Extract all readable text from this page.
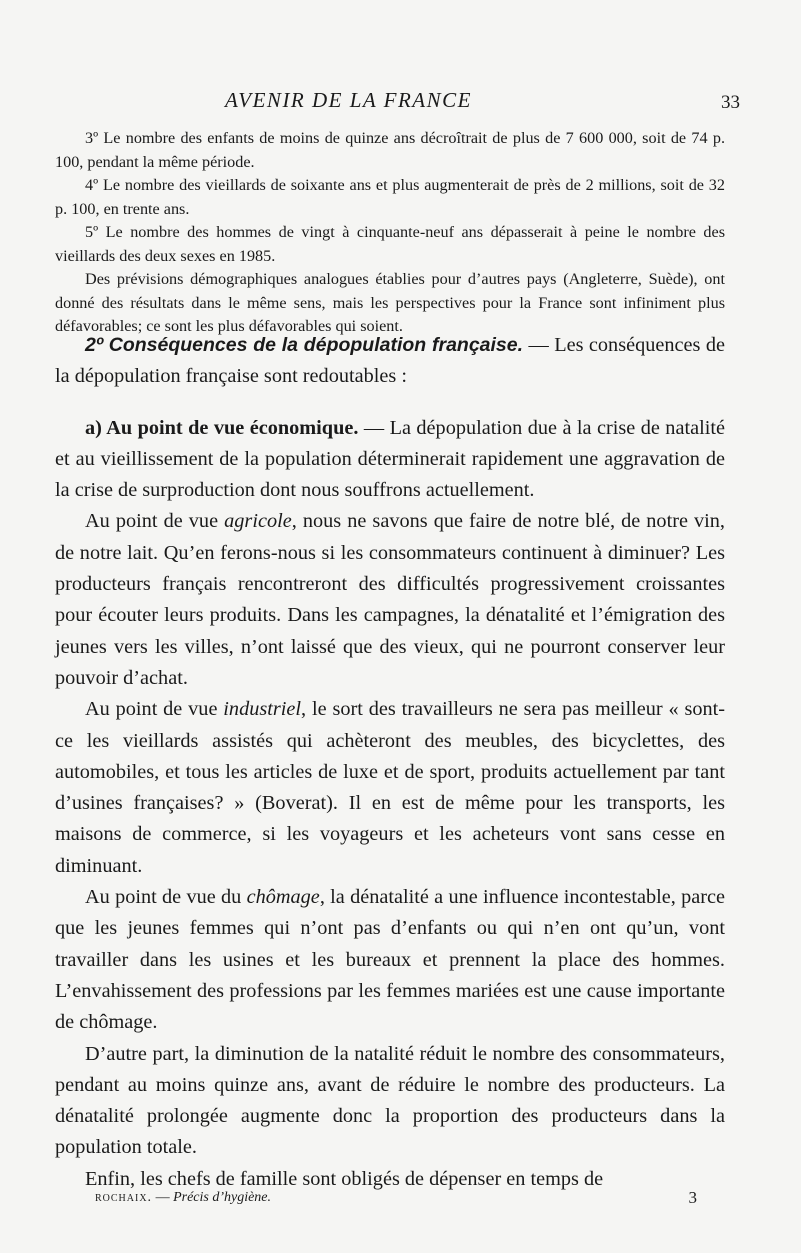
AVENIR DE LA FRANCE	33

3º Le nombre des enfants de moins de quinze ans décroîtrait de plus de 7 600 000, soit de 74 p. 100, pendant la même période.

4º Le nombre des vieillards de soixante ans et plus augmenterait de près de 2 millions, soit de 32 p. 100, en trente ans.

5º Le nombre des hommes de vingt à cinquante-neuf ans dépasserait à peine le nombre des vieillards des deux sexes en 1985.

Des prévisions démographiques analogues établies pour d’autres pays (Angleterre, Suède), ont donné des résultats dans le même sens, mais les perspectives pour la France sont infiniment plus défavorables; ce sont les plus défavorables qui soient.

2º Conséquences de la dépopulation française. — Les conséquences de la dépopulation française sont redoutables :

a) Au point de vue économique. — La dépopulation due à la crise de natalité et au vieillissement de la population déterminerait rapidement une aggravation de la crise de surproduction dont nous souffrons actuellement.

Au point de vue agricole, nous ne savons que faire de notre blé, de notre vin, de notre lait. Qu’en ferons-nous si les consommateurs continuent à diminuer? Les producteurs français rencontreront des difficultés progressivement croissantes pour écouter leurs produits. Dans les campagnes, la dénatalité et l’émigration des jeunes vers les villes, n’ont laissé que des vieux, qui ne pourront conserver leur pouvoir d’achat.

Au point de vue industriel, le sort des travailleurs ne sera pas meilleur « sont-ce les vieillards assistés qui achèteront des meubles, des bicyclettes, des automobiles, et tous les articles de luxe et de sport, produits actuellement par tant d’usines françaises? » (Boverat). Il en est de même pour les transports, les maisons de commerce, si les voyageurs et les acheteurs vont sans cesse en diminuant.

Au point de vue du chômage, la dénatalité a une influence incontestable, parce que les jeunes femmes qui n’ont pas d’enfants ou qui n’en ont qu’un, vont travailler dans les usines et les bureaux et prennent la place des hommes. L’envahissement des professions par les femmes mariées est une cause importante de chômage.

D’autre part, la diminution de la natalité réduit le nombre des consommateurs, pendant au moins quinze ans, avant de réduire le nombre des producteurs. La dénatalité prolongée augmente donc la proportion des producteurs dans la population totale.

Enfin, les chefs de famille sont obligés de dépenser en temps de

rochaix. — Précis d’hygiène.	3
